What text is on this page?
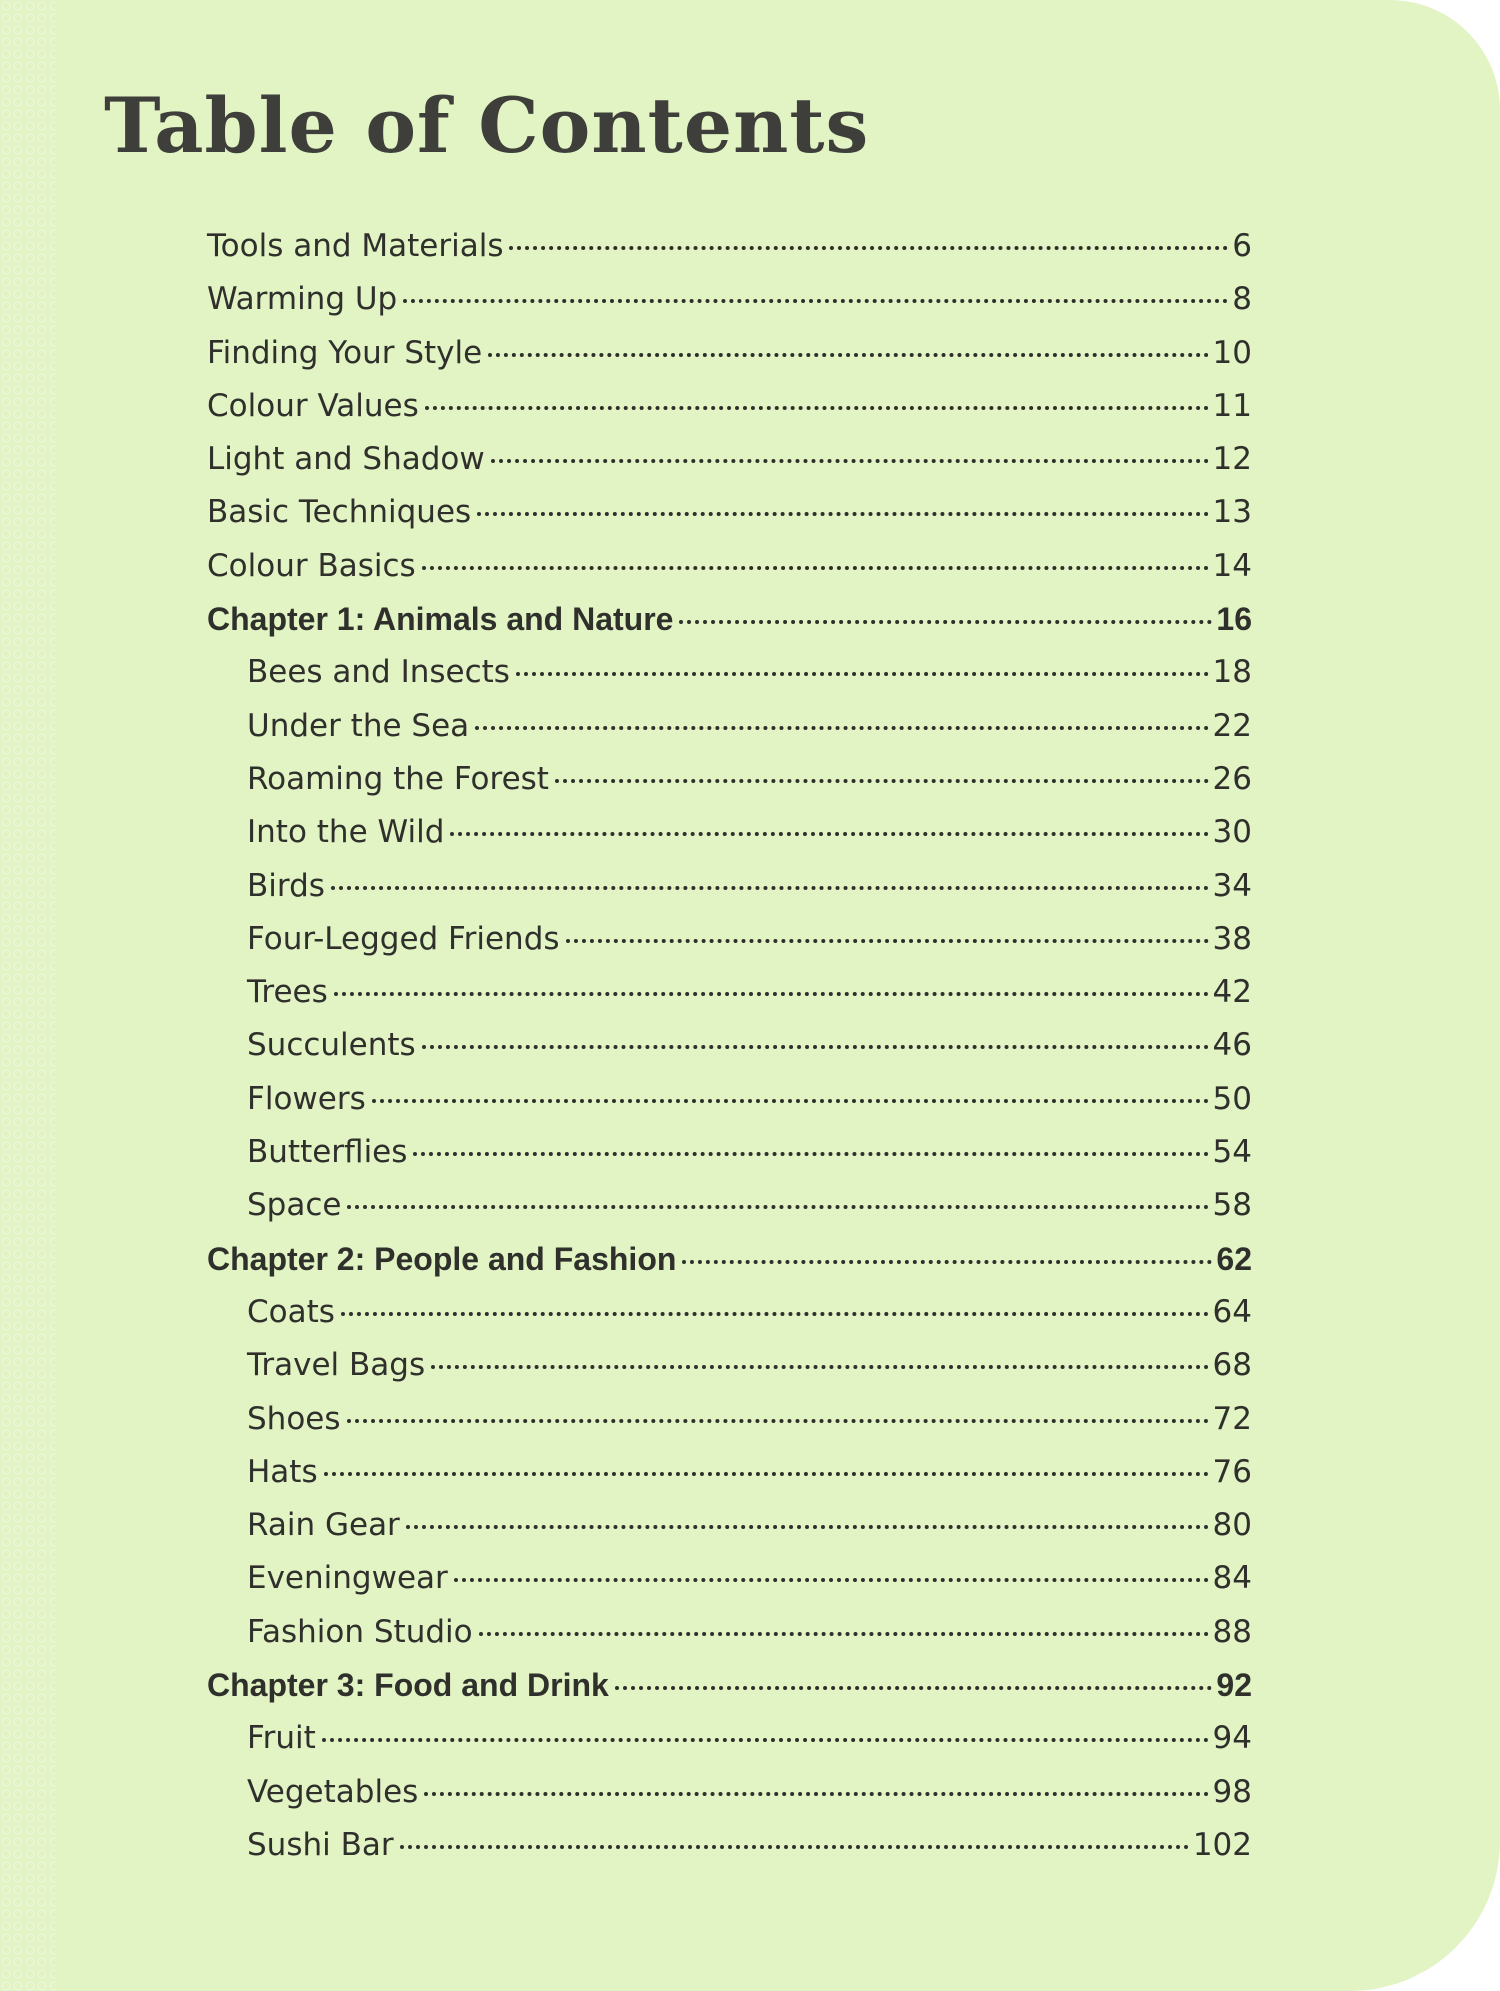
Table of Contents
Tools and Materials	6
Warming Up	8
Finding Your Style	10
Colour Values	11
Light and Shadow	12
Basic Techniques	13
Colour Basics	14
Chapter 1: Animals and Nature	16
Bees and Insects	18
Under the Sea	22
Roaming the Forest	26
Into the Wild	30
Birds	34
Four-Legged Friends	38
Trees	42
Succulents	46
Flowers	50
Butterflies	54
Space	58
Chapter 2: People and Fashion	62
Coats	64
Travel Bags	68
Shoes	72
Hats	76
Rain Gear	80
Eveningwear	84
Fashion Studio	88
Chapter 3: Food and Drink	92
Fruit	94
Vegetables	98
Sushi Bar	102
